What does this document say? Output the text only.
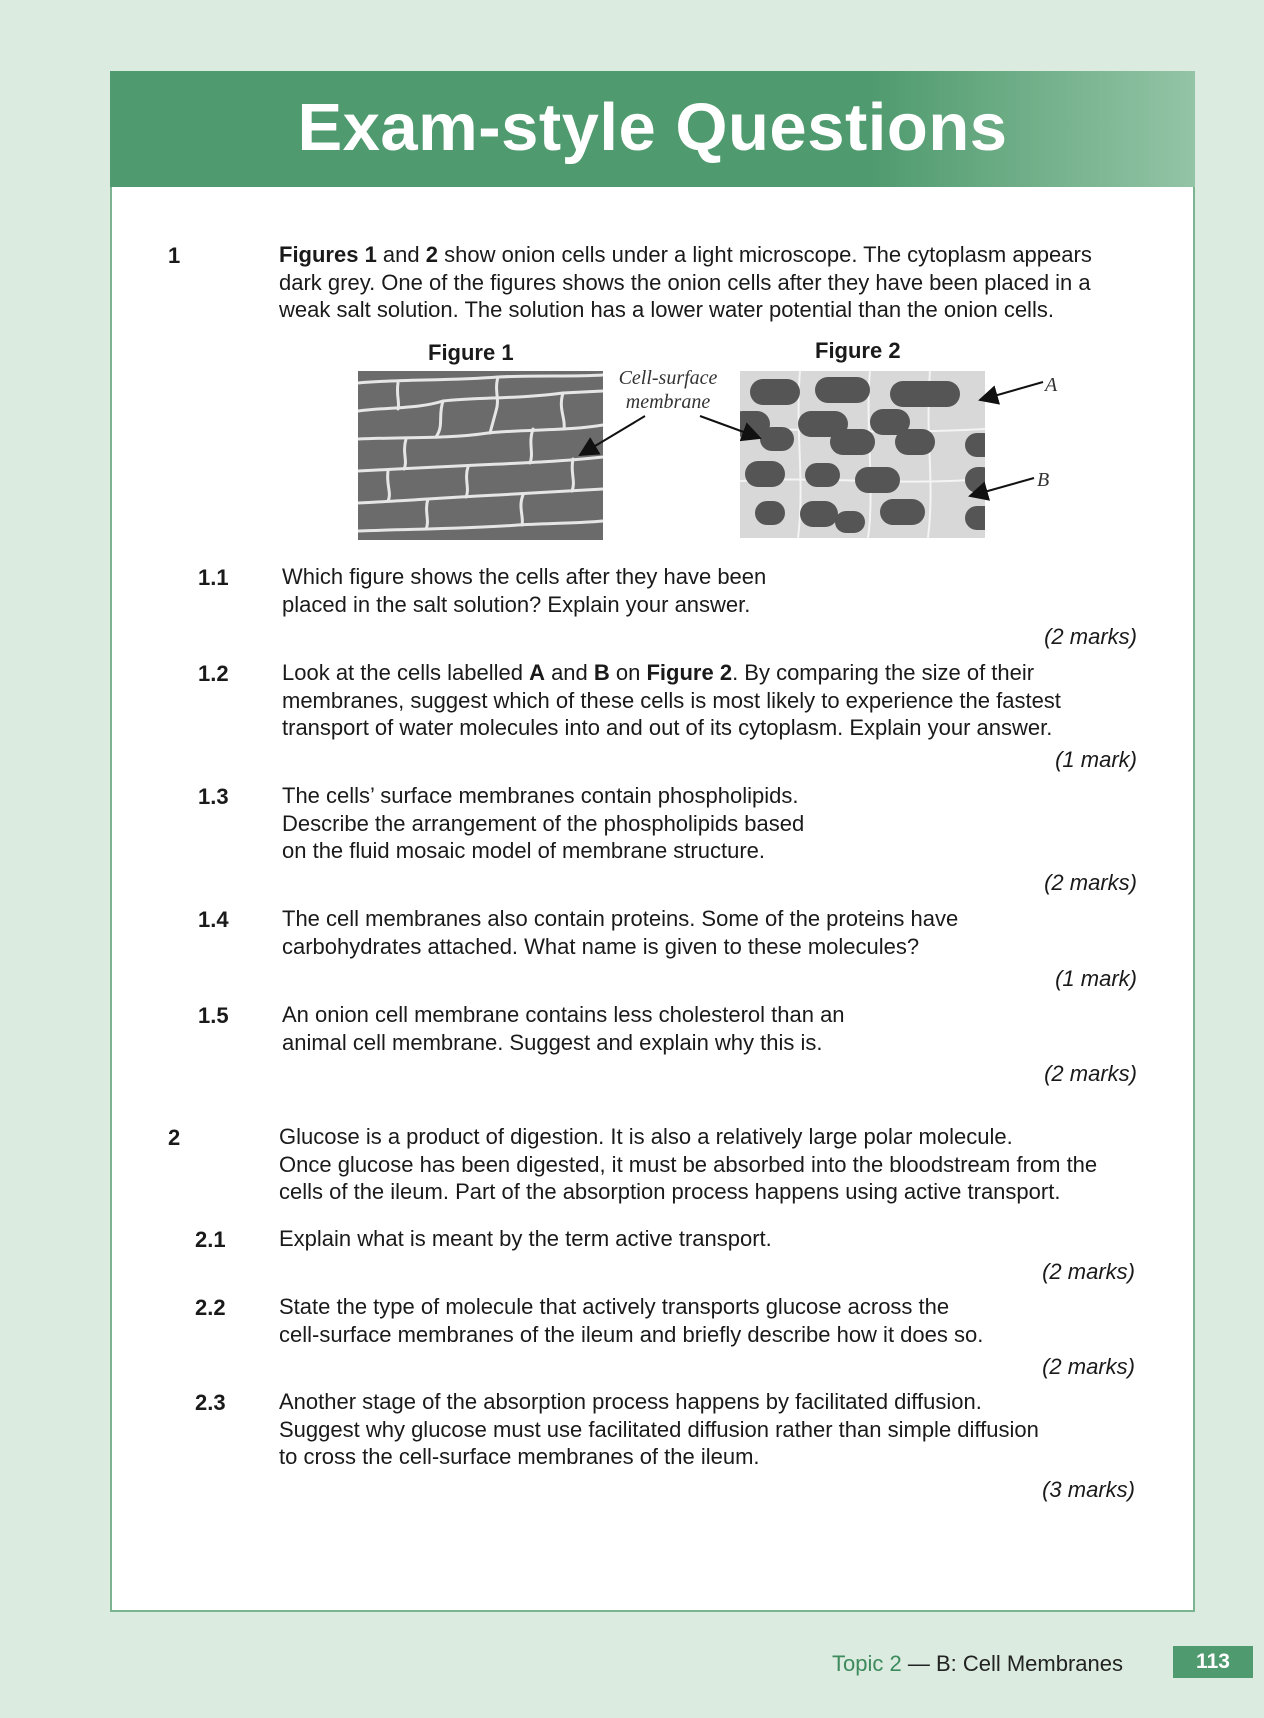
Exam-style Questions
1	Figures 1 and 2 show onion cells under a light microscope. The cytoplasm appears
dark grey. One of the figures shows the onion cells after they have been placed in a
weak salt solution. The solution has a lower water potential than the onion cells.
Figure 1	Figure 2
Cell-surface
membrane
A
B
1.1 Which figure shows the cells after they have been
placed in the salt solution? Explain your answer.
(2 marks)
1.2 Look at the cells labelled A and B on Figure 2. By comparing the size of their
membranes, suggest which of these cells is most likely to experience the fastest
transport of water molecules into and out of its cytoplasm. Explain your answer.
(1 mark)
1.3 The cells’ surface membranes contain phospholipids.
Describe the arrangement of the phospholipids based
on the fluid mosaic model of membrane structure.
(2 marks)
1.4 The cell membranes also contain proteins. Some of the proteins have
carbohydrates attached. What name is given to these molecules?
(1 mark)
1.5 An onion cell membrane contains less cholesterol than an
animal cell membrane. Suggest and explain why this is.
(2 marks)
2	Glucose is a product of digestion. It is also a relatively large polar molecule.
Once glucose has been digested, it must be absorbed into the bloodstream from the
cells of the ileum. Part of the absorption process happens using active transport.
2.1 Explain what is meant by the term active transport.
(2 marks)
2.2 State the type of molecule that actively transports glucose across the
cell-surface membranes of the ileum and briefly describe how it does so.
(2 marks)
2.3 Another stage of the absorption process happens by facilitated diffusion.
Suggest why glucose must use facilitated diffusion rather than simple diffusion
to cross the cell-surface membranes of the ileum.
(3 marks)
Topic 2 — B: Cell Membranes	113
